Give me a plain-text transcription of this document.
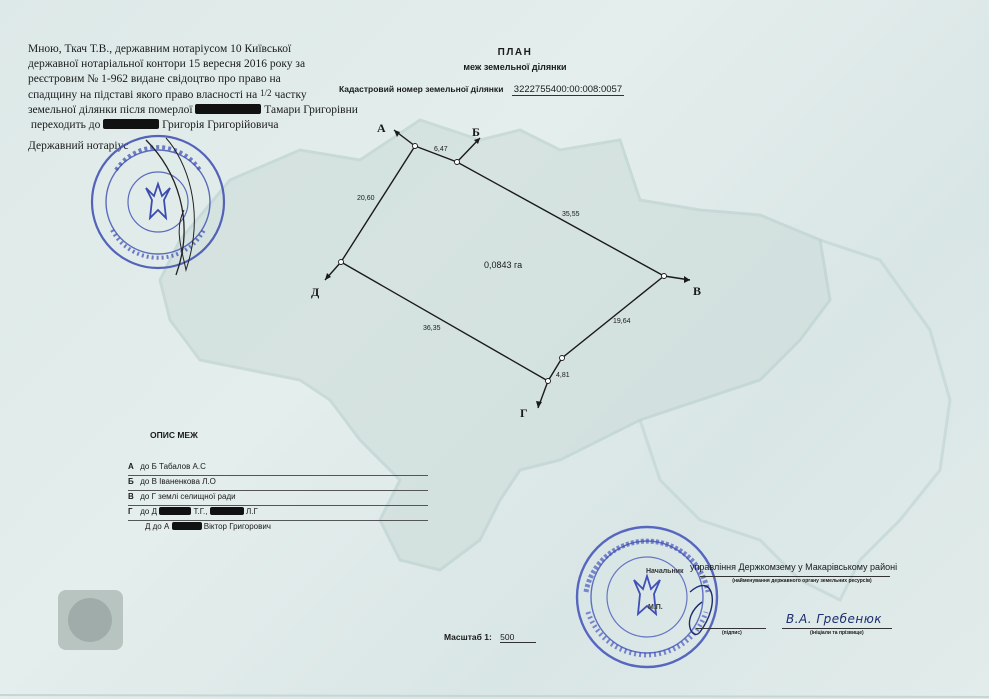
Мною, Ткач Т.В., державним нотаріусом 10 Київської
державної нотаріальної контори 15 вересня 2016 року за
реєстровим № 1-962 видане свідоцтво про право на
спадщину на підставі якого право власності на 1/2 частку
земельної ділянки після померлої	Тамари Григорівни
переходить до	Григорія Григорійовича
Державний нотаріус
ПЛАН
меж земельної ділянки
Кадастровий номер земельної ділянки 3222755400:00:008:0057
А	Б
В
Г
Д
6,47
35,55
19,64
4,81
36,35
20,60
0,0843 га
ОПИС МЕЖ
А до Б Табалов А.С
Б до В Іваненкова Л.О
В до Г землі селищної ради
Г до Д	Т.Г.,	Л.Г
Д до А	Віктор Григорович
Масштаб 1: 500
Начальник управління Держкомзему у Макарівському районі
(найменування державного органу земельних ресурсів)
М.П.
(підпис)
В.А. Гребенюк
(ініціали та прізвище)
